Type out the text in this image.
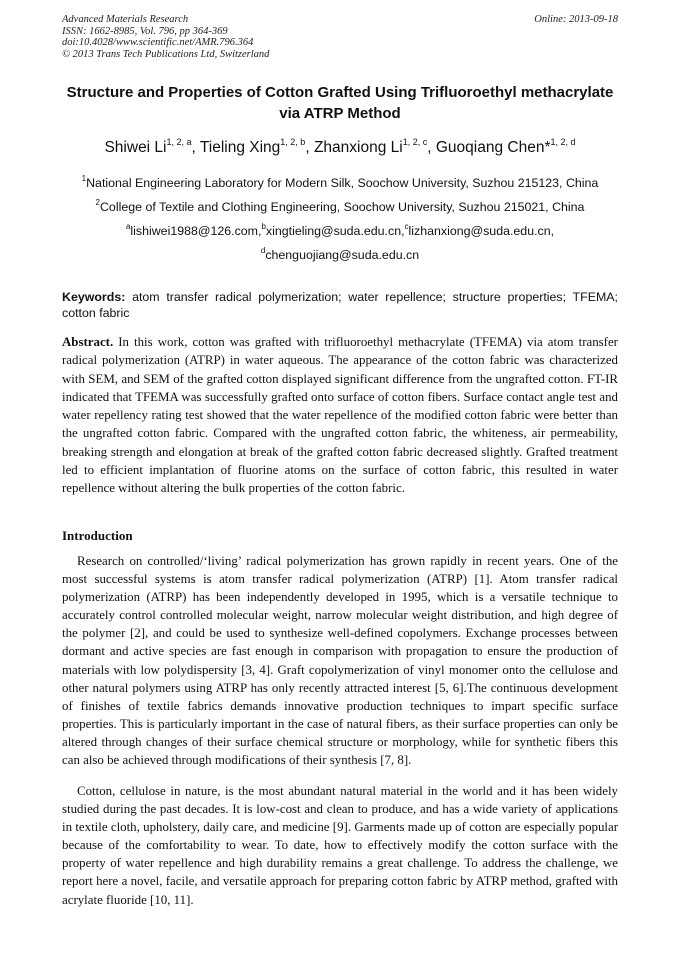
Advanced Materials Research
ISSN: 1662-8985, Vol. 796, pp 364-369
doi:10.4028/www.scientific.net/AMR.796.364
© 2013 Trans Tech Publications Ltd, Switzerland
Online: 2013-09-18
Structure and Properties of Cotton Grafted Using Trifluoroethyl methacrylate via ATRP Method
Shiwei Li$^{1, 2, a}$, Tieling Xing$^{1, 2, b}$, Zhanxiong Li$^{1, 2, c}$, Guoqiang Chen*$^{1, 2, d}$
$^1$National Engineering Laboratory for Modern Silk, Soochow University, Suzhou 215123, China
$^2$College of Textile and Clothing Engineering, Soochow University, Suzhou 215021, China
$^a$lishiwei1988@126.com,$^b$xingtieling@suda.edu.cn,$^c$lizhanxiong@suda.edu.cn,
$^d$chenguojiang@suda.edu.cn
Keywords: atom transfer radical polymerization; water repellence; structure properties; TFEMA; cotton fabric
Abstract. In this work, cotton was grafted with trifluoroethyl methacrylate (TFEMA) via atom transfer radical polymerization (ATRP) in water aqueous. The appearance of the cotton fabric was characterized with SEM, and SEM of the grafted cotton displayed significant difference from the ungrafted cotton. FT-IR indicated that TFEMA was successfully grafted onto surface of cotton fibers. Surface contact angle test and water repellency rating test showed that the water repellence of the modified cotton fabric were better than the ungrafted cotton fabric. Compared with the ungrafted cotton fabric, the whiteness, air permeability, breaking strength and elongation at break of the grafted cotton fabric decreased slightly. Grafted treatment led to efficient implantation of fluorine atoms on the surface of cotton fabric, this resulted in water repellence without altering the bulk properties of the cotton fabric.
Introduction
Research on controlled/‘living’ radical polymerization has grown rapidly in recent years. One of the most successful systems is atom transfer radical polymerization (ATRP) [1]. Atom transfer radical polymerization (ATRP) has been independently developed in 1995, which is a versatile technique to accurately control controlled molecular weight, narrow molecular weight distribution, and high degree of the polymer [2], and could be used to synthesize well-defined copolymers. Exchange processes between dormant and active species are fast enough in comparison with propagation to ensure the production of materials with low polydispersity [3, 4]. Graft copolymerization of vinyl monomer onto the cellulose and other natural polymers using ATRP has only recently attracted interest [5, 6].The continuous development of finishes of textile fabrics demands innovative production techniques to impart specific surface properties. This is particularly important in the case of natural fibers, as their surface properties can only be altered through changes of their surface chemical structure or morphology, while for synthetic fibers this can also be achieved through modifications of their synthesis [7, 8].
Cotton, cellulose in nature, is the most abundant natural material in the world and it has been widely studied during the past decades. It is low-cost and clean to produce, and has a wide variety of applications in textile cloth, upholstery, daily care, and medicine [9]. Garments made up of cotton are especially popular because of the comfortability to wear. To date, how to effectively modify the cotton surface with the property of water repellence and high durability remains a great challenge. To address the challenge, we report here a novel, facile, and versatile approach for preparing cotton fabric by ATRP method, grafted with acrylate fluoride [10, 11].
